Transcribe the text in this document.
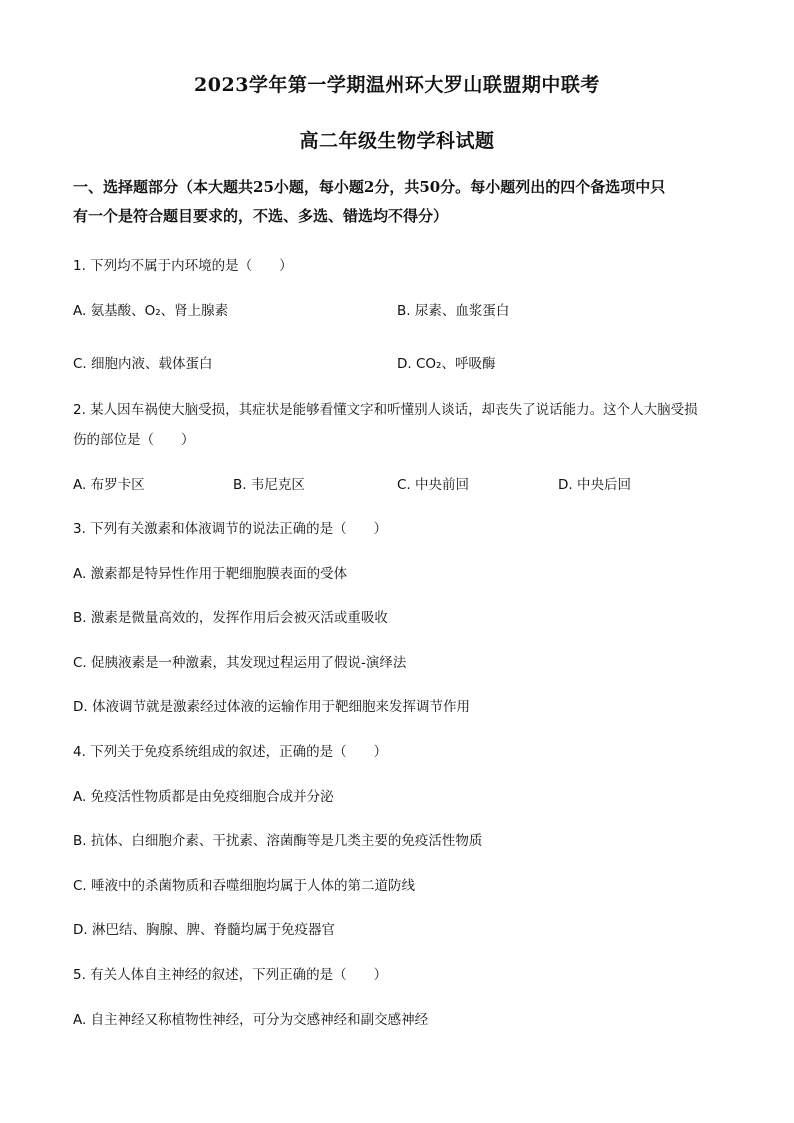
2023学年第一学期温州环大罗山联盟期中联考
高二年级生物学科试题
一、选择题部分（本大题共25小题，每小题2分，共50分。每小题列出的四个备选项中只
有一个是符合题目要求的，不选、多选、错选均不得分）
1. 下列均不属于内环境的是（　　）
A. 氨基酸、O₂、肾上腺素	B. 尿素、血浆蛋白
C. 细胞内液、载体蛋白	D. CO₂、呼吸酶
2. 某人因车祸使大脑受损，其症状是能够看懂文字和听懂别人谈话，却丧失了说话能力。这个人大脑受损
伤的部位是（　　）
A. 布罗卡区	B. 韦尼克区	C. 中央前回	D. 中央后回
3. 下列有关激素和体液调节的说法正确的是（　　）
A. 激素都是特异性作用于靶细胞膜表面的受体
B. 激素是微量高效的，发挥作用后会被灭活或重吸收
C. 促胰液素是一种激素，其发现过程运用了假说-演绎法
D. 体液调节就是激素经过体液的运输作用于靶细胞来发挥调节作用
4. 下列关于免疫系统组成的叙述，正确的是（　　）
A. 免疫活性物质都是由免疫细胞合成并分泌
B. 抗体、白细胞介素、干扰素、溶菌酶等是几类主要的免疫活性物质
C. 唾液中的杀菌物质和吞噬细胞均属于人体的第二道防线
D. 淋巴结、胸腺、脾、脊髓均属于免疫器官
5. 有关人体自主神经的叙述，下列正确的是（　　）
A. 自主神经又称植物性神经，可分为交感神经和副交感神经
